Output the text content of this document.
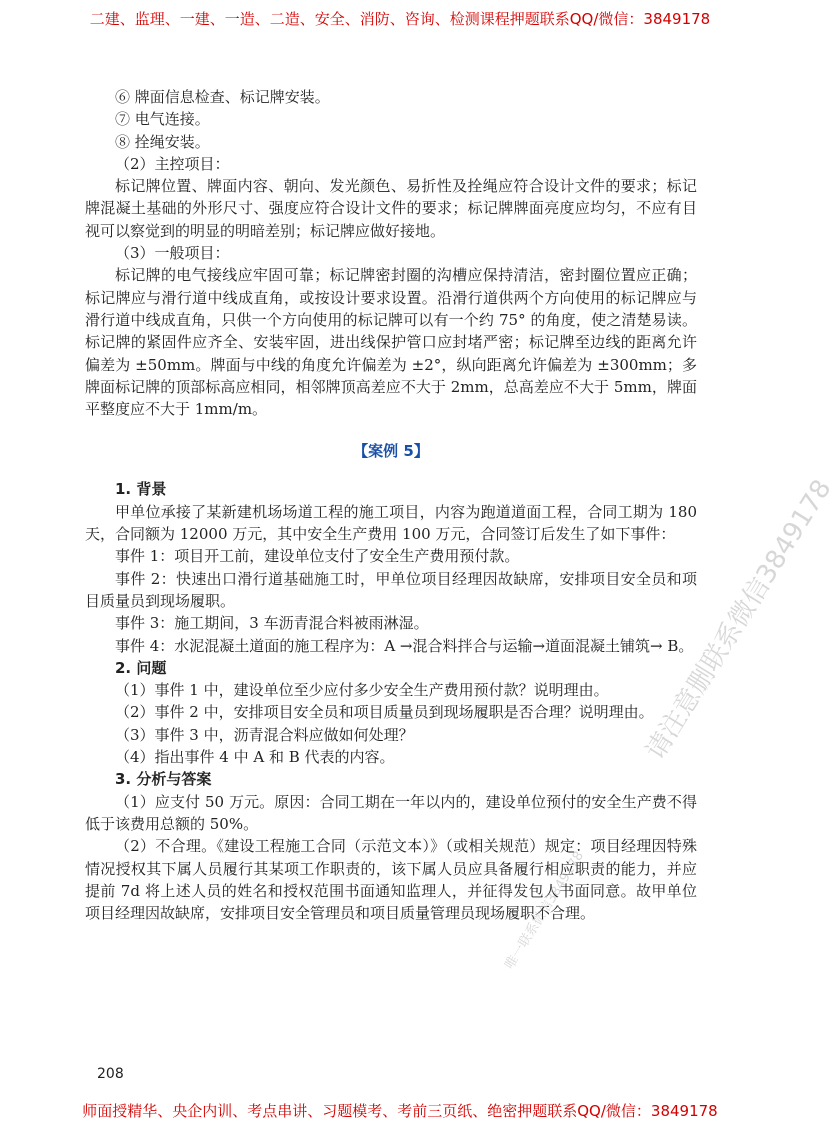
二建、监理、一建、一造、二造、安全、消防、咨询、检测课程押题联系QQ/微信：3849178

⑥ 牌面信息检查、标记牌安装。

⑦ 电气连接。

⑧ 拴绳安装。

（2）主控项目：

标记牌位置、牌面内容、朝向、发光颜色、易折性及拴绳应符合设计文件的要求；标记牌混凝土基础的外形尺寸、强度应符合设计文件的要求；标记牌牌面亮度应均匀，不应有目视可以察觉到的明显的明暗差别；标记牌应做好接地。

（3）一般项目：

标记牌的电气接线应牢固可靠；标记牌密封圈的沟槽应保持清洁，密封圈位置应正确；标记牌应与滑行道中线成直角，或按设计要求设置。沿滑行道供两个方向使用的标记牌应与滑行道中线成直角，只供一个方向使用的标记牌可以有一个约 75° 的角度，使之清楚易读。标记牌的紧固件应齐全、安装牢固，进出线保护管口应封堵严密；标记牌至边线的距离允许偏差为 ±50mm。牌面与中线的角度允许偏差为 ±2°，纵向距离允许偏差为 ±300mm；多牌面标记牌的顶部标高应相同，相邻牌顶高差应不大于 2mm，总高差应不大于 5mm，牌面平整度应不大于 1mm/m。

【案例 5】

1. 背景

甲单位承接了某新建机场场道工程的施工项目，内容为跑道道面工程，合同工期为 180 天，合同额为 12000 万元，其中安全生产费用 100 万元，合同签订后发生了如下事件：

事件 1：项目开工前，建设单位支付了安全生产费用预付款。

事件 2：快速出口滑行道基础施工时，甲单位项目经理因故缺席，安排项目安全员和项目质量员到现场履职。

事件 3：施工期间，3 车沥青混合料被雨淋湿。

事件 4：水泥混凝土道面的施工程序为：A →混合料拌合与运输→道面混凝土铺筑→ B。

2. 问题

（1）事件 1 中，建设单位至少应付多少安全生产费用预付款？说明理由。

（2）事件 2 中，安排项目安全员和项目质量员到现场履职是否合理？说明理由。

（3）事件 3 中，沥青混合料应做如何处理？

（4）指出事件 4 中 A 和 B 代表的内容。

3. 分析与答案

（1）应支付 50 万元。原因：合同工期在一年以内的，建设单位预付的安全生产费不得低于该费用总额的 50%。

（2）不合理。《建设工程施工合同（示范文本）》（或相关规范）规定：项目经理因特殊情况授权其下属人员履行其某项工作职责的，该下属人员应具备履行相应职责的能力，并应提前 7d 将上述人员的姓名和授权范围书面通知监理人，并征得发包人书面同意。故甲单位项目经理因故缺席，安排项目安全管理员和项目质量管理员现场履职不合理。

请注意删联系微信3849178
唯一联系微信3849178
208
师面授精华、央企内训、考点串讲、习题模考、考前三页纸、绝密押题联系QQ/微信：3849178
